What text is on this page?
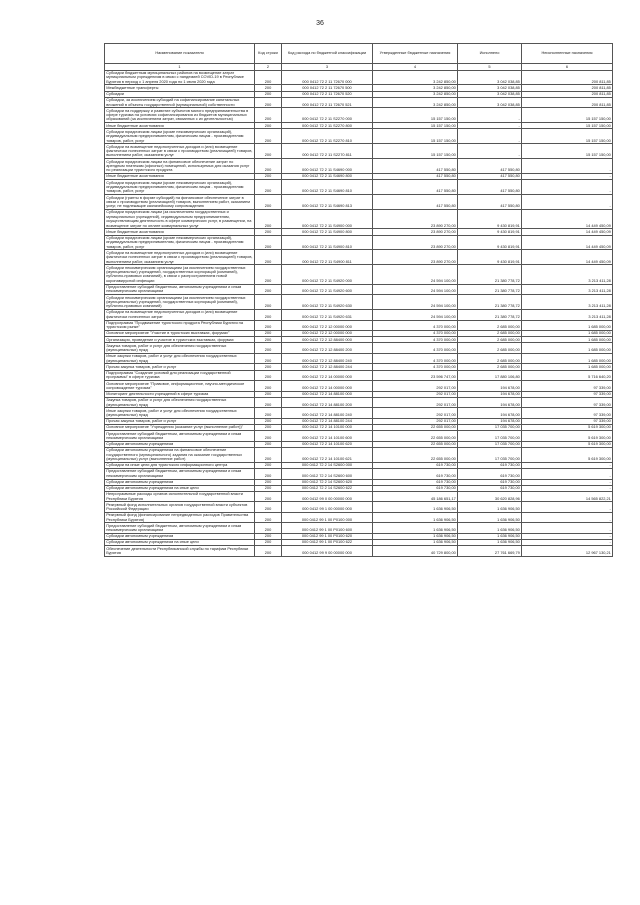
36
Наименование показателя	Код строки	Код расхода по бюджетной классификации	Утвержденные бюджетные назначения	Исполнено	Неисполненные назначения
1	2	3	4	5	6
Субсидии бюджетным муниципальных районов на возмещение затрат муниципальным учреждениям в связи с пандемией COVID-19 в Республике Бурятия в период с 1 апреля 2020 года по 1 июля 2020 года	200	000 0412 72 2 11 72670 000	3 242 850,00	3 042 038,85	200 811,85
Межбюджетные трансферты	200	000 0412 72 2 11 72670 500	3 242 850,00	3 042 038,85	200 811,85
Субсидии	200	000 0412 72 2 11 72670 520	3 242 850,00	3 042 038,85	200 811,85
Субсидии, за исключением субсидий на софинансирование капитальных вложений в объекты государственной (муниципальной) собственности	200	000 0412 72 2 11 72670 521	3 242 850,00	3 042 038,85	200 811,85
Субсидии на поддержку и развитие субъектов малого предпринимательства в сфере туризма на условиях софинансирования из бюджетов муниципальных образований (за исключением затрат, связанных с их деятельностью)	200	000 0412 72 2 11 S2270 000	15 157 150,00	-	15 157 150,00
Иные бюджетные ассигнования	200	000 0412 72 2 11 S2270 800	15 157 150,00	-	15 157 150,00
Субсидии юридическим лицам (кроме некоммерческих организаций), индивидуальным предпринимателям, физическим лицам - производителям товаров, работ, услуг	200	000 0412 72 2 11 S2270 810	15 157 150,00	-	15 157 150,00
Субсидии на возмещение недополученных доходов и (или) возмещение фактически понесенных затрат в связи с производством (реализацией) товаров, выполнением работ, оказанием услуг	200	000 0412 72 2 11 S2270 811	15 157 150,00	-	15 157 150,00
Субсидии юридическим лицам на финансовое обеспечение затрат по арендным платежам (офисных) помещений, используемых для оказания услуг по реализации туристского продукта	200	000 0412 72 2 11 S4690 000	417 550,80	417 550,80	-
Иные бюджетные ассигнования	200	000 0412 72 2 11 S4690 800	417 550,80	417 550,80	-
Субсидии юридическим лицам (кроме некоммерческих организаций), индивидуальным предпринимателям, физическим лицам - производителям товаров, работ, услуг	200	000 0412 72 2 11 S4690 810	417 550,80	417 550,80	-
Субсидии (гранты в форме субсидий) на финансовое обеспечение затрат в связи с производством (реализацией) товаров, выполнением работ, оказанием услуг, не подлежащие казначейскому сопровождению	200	000 0412 72 2 11 S4690 813	417 550,80	417 550,80	-
Субсидии юридическим лицам (за исключением государственных и муниципальных учреждений), индивидуальным предпринимателям, осуществляющим деятельность в сфере коммерческих услуг, в размещении, на возмещение затрат по оплате коммунальных услуг	200	000 0412 72 2 11 S4900 000	23 890 270,00	9 430 819,91	14 449 450,09
Иные бюджетные ассигнования	200	000 0412 72 2 11 S4900 800	23 890 270,00	9 430 819,91	14 449 450,09
Субсидии юридическим лицам (кроме некоммерческих организаций), индивидуальным предпринимателям, физическим лицам - производителям товаров, работ, услуг	200	000 0412 72 2 11 S4900 810	23 890 270,00	9 430 819,91	14 449 450,09
Субсидии на возмещение недополученных доходов и (или) возмещение фактически понесенных затрат в связи с производством (реализацией) товаров, выполнением работ, оказанием услуг	200	000 0412 72 2 11 S4900 811	23 890 270,00	9 430 819,91	14 449 450,09
Субсидии некоммерческим организациям (за исключением государственных (муниципальных) учреждений, государственных корпораций (компаний), публично-правовых компаний), в связи с распространением новой коронавирусной инфекции	200	000 0412 72 2 11 S4920 000	24 594 100,00	21 380 778,72	3 213 411,28
Предоставление субсидий бюджетным, автономным учреждениям и иным некоммерческим организациям	200	000 0412 72 2 11 S4920 600	24 594 100,00	21 380 778,72	3 213 411,28
Субсидии некоммерческим организациям (за исключением государственных (муниципальных) учреждений, государственных корпораций (компаний), публично-правовых компаний)	200	000 0412 72 2 11 S4920 630	24 594 100,00	21 380 778,72	3 213 411,28
Субсидии на возмещение недополученных доходов и (или) возмещение фактически понесенных затрат	200	000 0412 72 2 11 S4920 631	24 594 100,00	21 380 778,72	3 213 411,28
Подпрограмма "Продвижение туристского продукта Республики Бурятия на туристском рынке"	200	000 0412 72 2 12 00000 000	4 370 000,00	2 685 000,00	1 685 000,00
Основное мероприятие "Участие в туристских выставках, форумах"	200	000 0412 72 2 12 00000 000	4 370 000,00	2 685 000,00	1 685 000,00
Организация, проведение и участие в туристских выставках, форумах	200	000 0412 72 2 12 88400 000	4 370 000,00	2 685 000,00	1 685 000,00
Закупка товаров, работ и услуг для обеспечения государственных (муниципальных) нужд	200	000 0412 72 2 12 88400 200	4 370 000,00	2 685 000,00	1 685 000,00
Иные закупки товаров, работ и услуг для обеспечения государственных (муниципальных) нужд	200	000 0412 72 2 12 88400 240	4 370 000,00	2 685 000,00	1 685 000,00
Прочая закупка товаров, работ и услуг	200	000 0412 72 2 12 88400 244	4 370 000,00	2 685 000,00	1 685 000,00
Подпрограмма "Создание условий для реализации государственной программы" в сфере туризма	200	000 0412 72 2 14 00000 000	23 596 747,00	17 880 106,80	5 716 640,20
Основное мероприятие "Правовое, информационное, научно-методическое сопровождение туризма"	200	000 0412 72 2 14 00000 000	292 017,00	194 678,00	97 339,00
Мониторинг деятельности учреждений в сфере туризма	200	000 0412 72 2 14 88100 000	292 017,00	194 678,00	97 339,00
Закупка товаров, работ и услуг для обеспечения государственных (муниципальных) нужд	200	000 0412 72 2 14 88100 200	292 017,00	194 678,00	97 339,00
Иные закупки товаров, работ и услуг для обеспечения государственных (муниципальных) нужд	200	000 0412 72 2 14 88100 240	292 017,00	194 678,00	97 339,00
Прочая закупка товаров, работ и услуг	200	000 0412 72 2 14 88100 244	292 017,00	194 678,00	97 339,00
Основное мероприятие "Учреждения (оказание услуг (выполнение работ))"	200	000 0412 72 2 14 10100 000	22 655 000,00	17 035 700,00	5 619 300,00
Предоставление субсидий бюджетным, автономным учреждениям и иным некоммерческим организациям	200	000 0412 72 2 14 10100 600	22 655 000,00	17 035 700,00	5 619 300,00
Субсидии автономным учреждениям	200	000 0412 72 2 14 10100 620	22 655 000,00	17 035 700,00	5 619 300,00
Субсидии автономным учреждениям на финансовое обеспечение государственного (муниципального) задания на оказание государственных (муниципальных) услуг (выполнение работ)	200	000 0412 72 2 14 10100 621	22 655 000,00	17 035 700,00	5 619 300,00
Субсидии на иные цели для туристского информационного центра	200	000 0412 72 2 14 S2600 000	619 730,00	619 730,00	-
Предоставление субсидий бюджетным, автономным учреждениям и иным некоммерческим организациям	200	000 0412 72 2 14 S2600 600	619 730,00	619 730,00	-
Субсидии автономным учреждениям	200	000 0412 72 2 14 S2600 620	619 730,00	619 730,00	-
Субсидии автономным учреждениям на иные цели	200	000 0412 72 2 14 S2600 622	619 730,00	619 730,00	-
Непрограммные расходы органов исполнительной государственной власти Республики Бурятия	200	000 0412 99 0 00 00000 000	45 186 651,17	30 620 828,96	14 565 822,21
Резервный фонд исполнительных органов государственной власти субъектов Российской Федерации	200	000 0412 99 1 00 00000 000	1 636 906,50	1 636 906,50	-
Резервный фонд (финансирование непредвиденных расходов Правительства Республики Бурятия)	200	000 0412 99 1 00 P0100 000	1 636 906,50	1 636 906,50	-
Предоставление субсидий бюджетным, автономным учреждениям и иным некоммерческим организациям	200	000 0412 99 1 00 P0100 600	1 636 906,50	1 636 906,50	-
Субсидии автономным учреждениям	200	000 0412 99 1 00 P0100 620	1 636 906,50	1 636 906,50	-
Субсидии автономным учреждениям на иные цели	200	000 0412 99 1 00 P0100 622	1 636 906,50	1 636 906,50	-
Обеспечение деятельности Республиканской службы по тарифам Республики Бурятия	200	000 0412 99 9 00 00000 000	40 729 800,00	27 761 669,79	12 967 130,21
